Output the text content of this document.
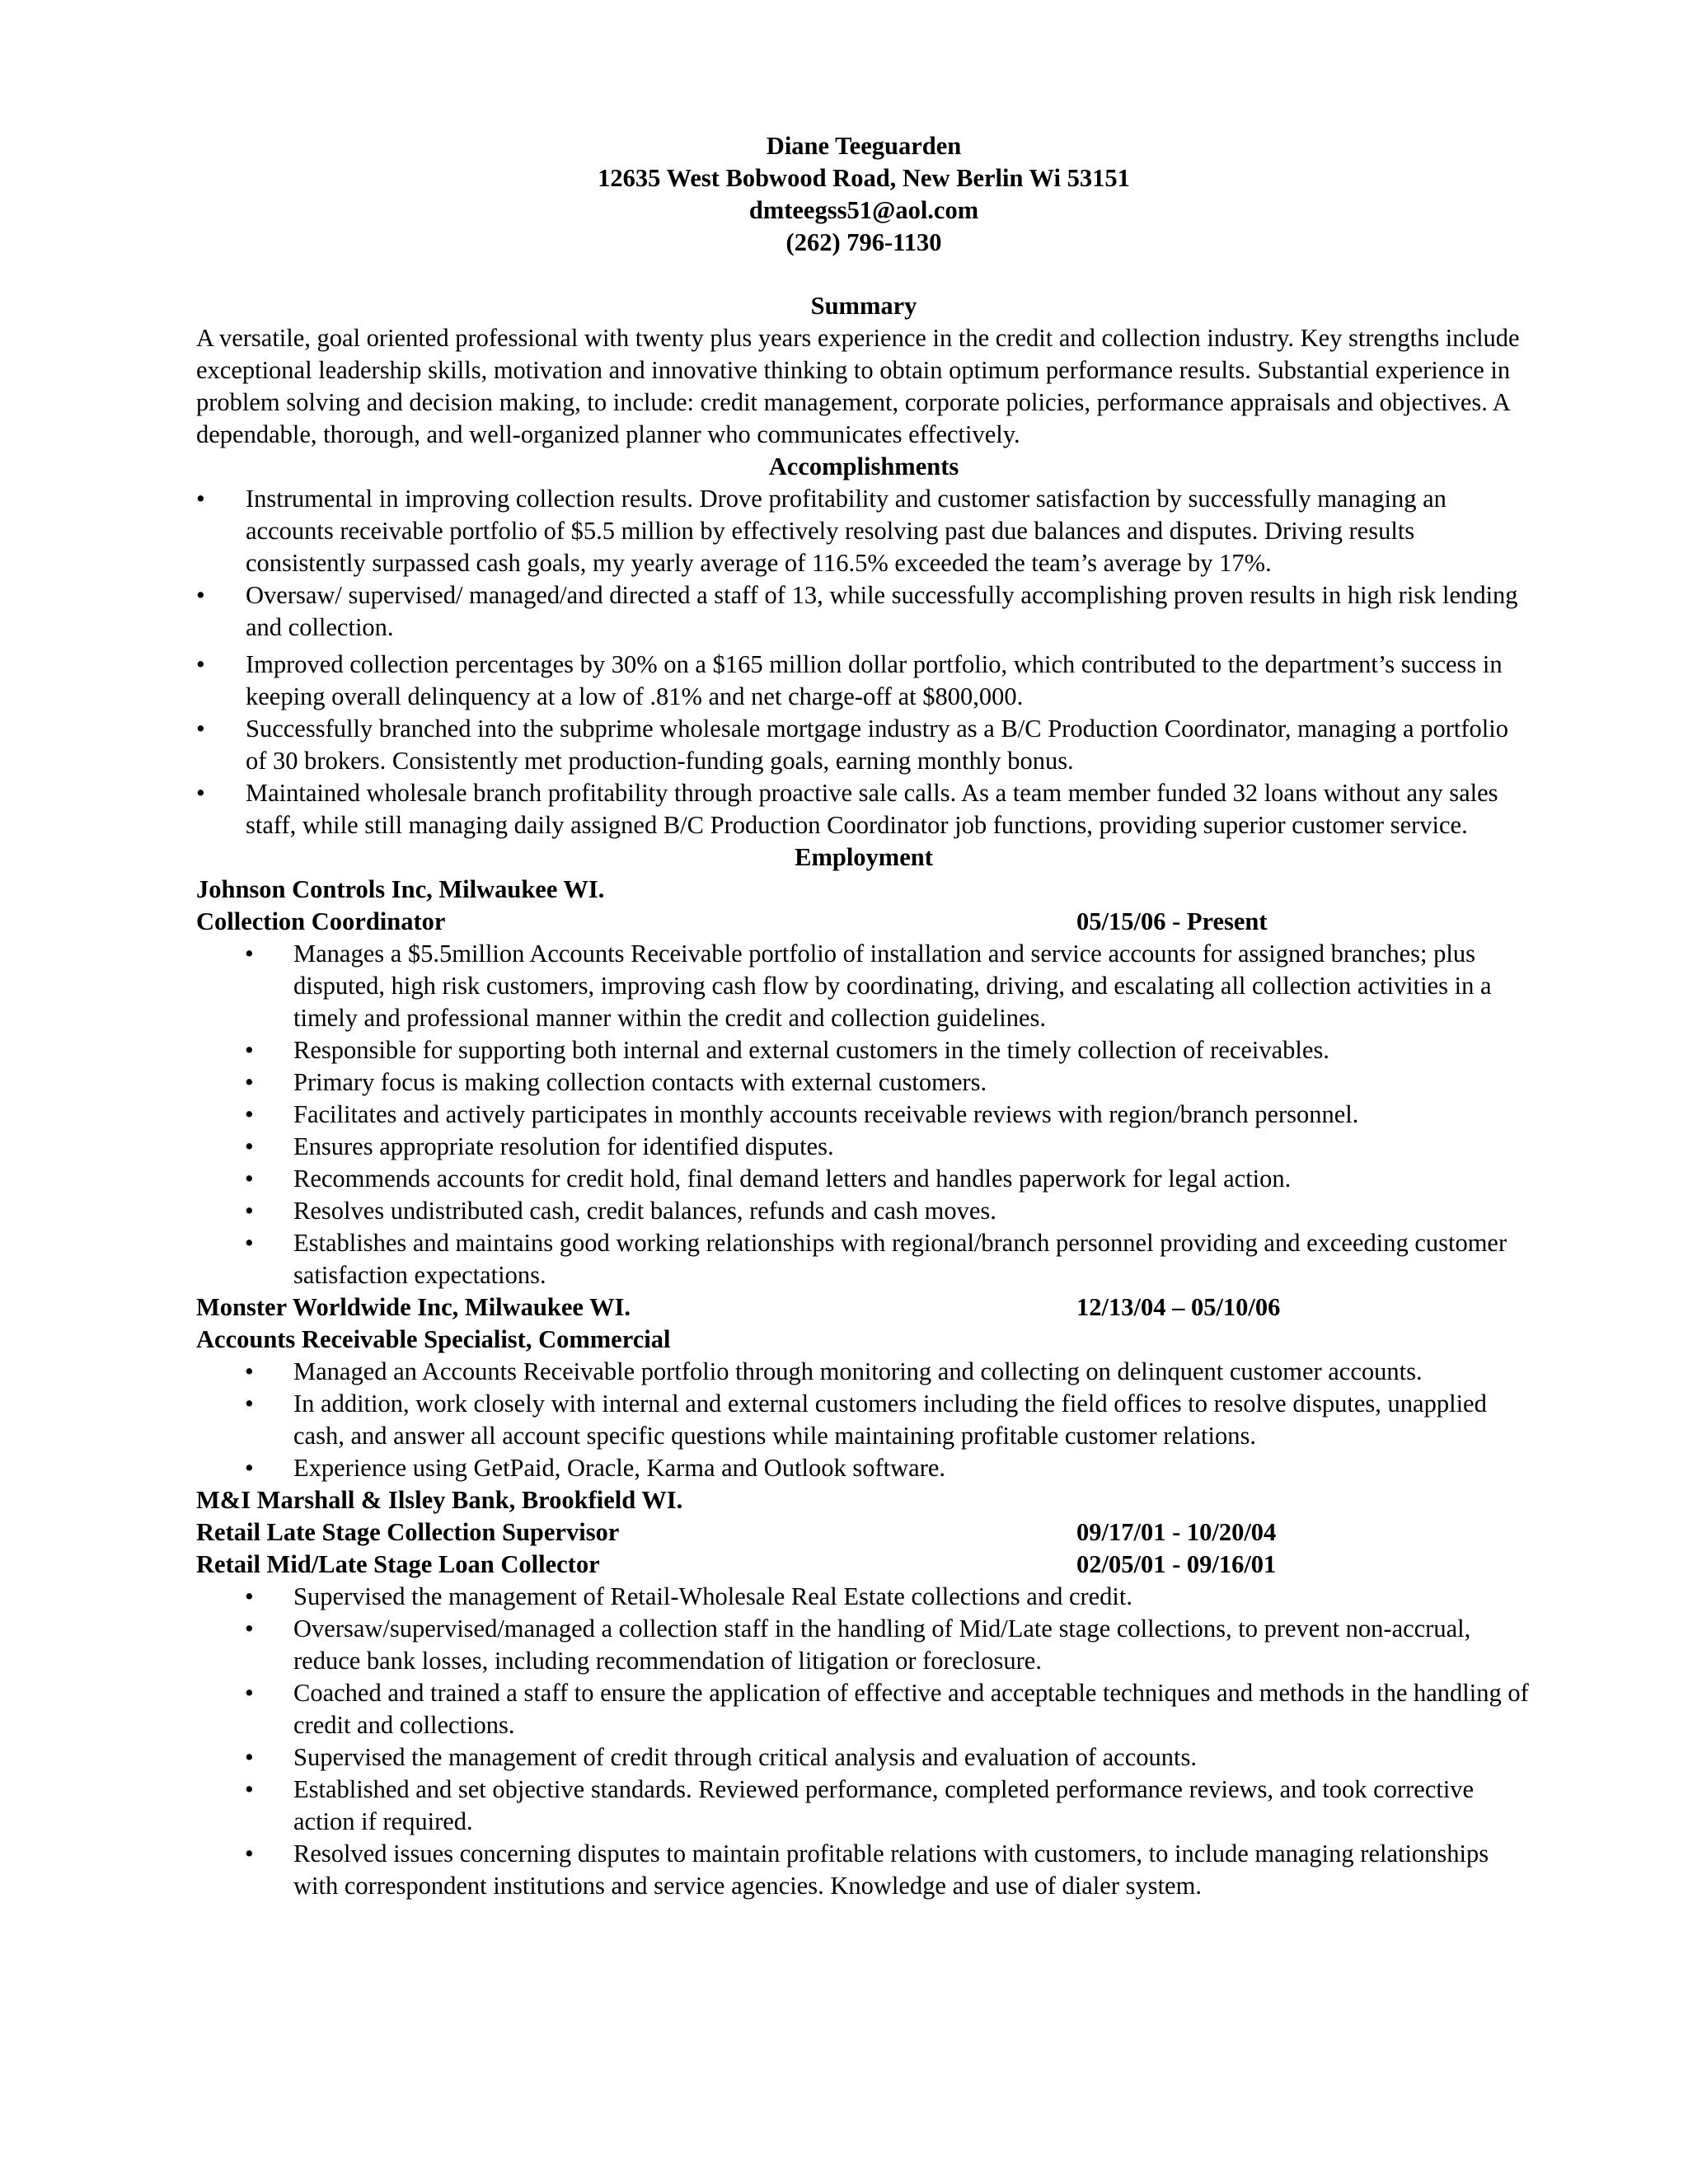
Diane Teeguarden
12635 West Bobwood Road, New Berlin Wi 53151
dmteegss51@aol.com
(262) 796-1130
Summary

A versatile, goal oriented professional with twenty plus years experience in the credit and collection industry. Key strengths include exceptional leadership skills, motivation and innovative thinking to obtain optimum performance results. Substantial experience in problem solving and decision making, to include: credit management, corporate policies, performance appraisals and objectives. A dependable, thorough, and well-organized planner who communicates effectively.

Accomplishments
• Instrumental in improving collection results. Drove profitability and customer satisfaction by successfully managing an accounts receivable portfolio of $5.5 million by effectively resolving past due balances and disputes. Driving results consistently surpassed cash goals, my yearly average of 116.5% exceeded the team’s average by 17%.
• Oversaw/ supervised/ managed/and directed a staff of 13, while successfully accomplishing proven results in high risk lending and collection.
• Improved collection percentages by 30% on a $165 million dollar portfolio, which contributed to the department’s success in keeping overall delinquency at a low of .81% and net charge-off at $800,000.
• Successfully branched into the subprime wholesale mortgage industry as a B/C Production Coordinator, managing a portfolio of 30 brokers. Consistently met production-funding goals, earning monthly bonus.
• Maintained wholesale branch profitability through proactive sale calls. As a team member funded 32 loans without any sales staff, while still managing daily assigned B/C Production Coordinator job functions, providing superior customer service.
Employment
Johnson Controls Inc, Milwaukee WI.
Collection Coordinator	05/15/06 - Present
• Manages a $5.5million Accounts Receivable portfolio of installation and service accounts for assigned branches; plus disputed, high risk customers, improving cash flow by coordinating, driving, and escalating all collection activities in a timely and professional manner within the credit and collection guidelines.
• Responsible for supporting both internal and external customers in the timely collection of receivables.
• Primary focus is making collection contacts with external customers.
• Facilitates and actively participates in monthly accounts receivable reviews with region/branch personnel.
• Ensures appropriate resolution for identified disputes.
• Recommends accounts for credit hold, final demand letters and handles paperwork for legal action.
• Resolves undistributed cash, credit balances, refunds and cash moves.
• Establishes and maintains good working relationships with regional/branch personnel providing and exceeding customer satisfaction expectations.
Monster Worldwide Inc, Milwaukee WI.	12/13/04 – 05/10/06
Accounts Receivable Specialist, Commercial
• Managed an Accounts Receivable portfolio through monitoring and collecting on delinquent customer accounts.
• In addition, work closely with internal and external customers including the field offices to resolve disputes, unapplied cash, and answer all account specific questions while maintaining profitable customer relations.
• Experience using GetPaid, Oracle, Karma and Outlook software.
M&I Marshall & Ilsley Bank, Brookfield WI.
Retail Late Stage Collection Supervisor	09/17/01 - 10/20/04
Retail Mid/Late Stage Loan Collector	02/05/01 - 09/16/01
• Supervised the management of Retail-Wholesale Real Estate collections and credit.
• Oversaw/supervised/managed a collection staff in the handling of Mid/Late stage collections, to prevent non-accrual, reduce bank losses, including recommendation of litigation or foreclosure.
• Coached and trained a staff to ensure the application of effective and acceptable techniques and methods in the handling of credit and collections.
• Supervised the management of credit through critical analysis and evaluation of accounts.
• Established and set objective standards. Reviewed performance, completed performance reviews, and took corrective action if required.
• Resolved issues concerning disputes to maintain profitable relations with customers, to include managing relationships with correspondent institutions and service agencies. Knowledge and use of dialer system.
